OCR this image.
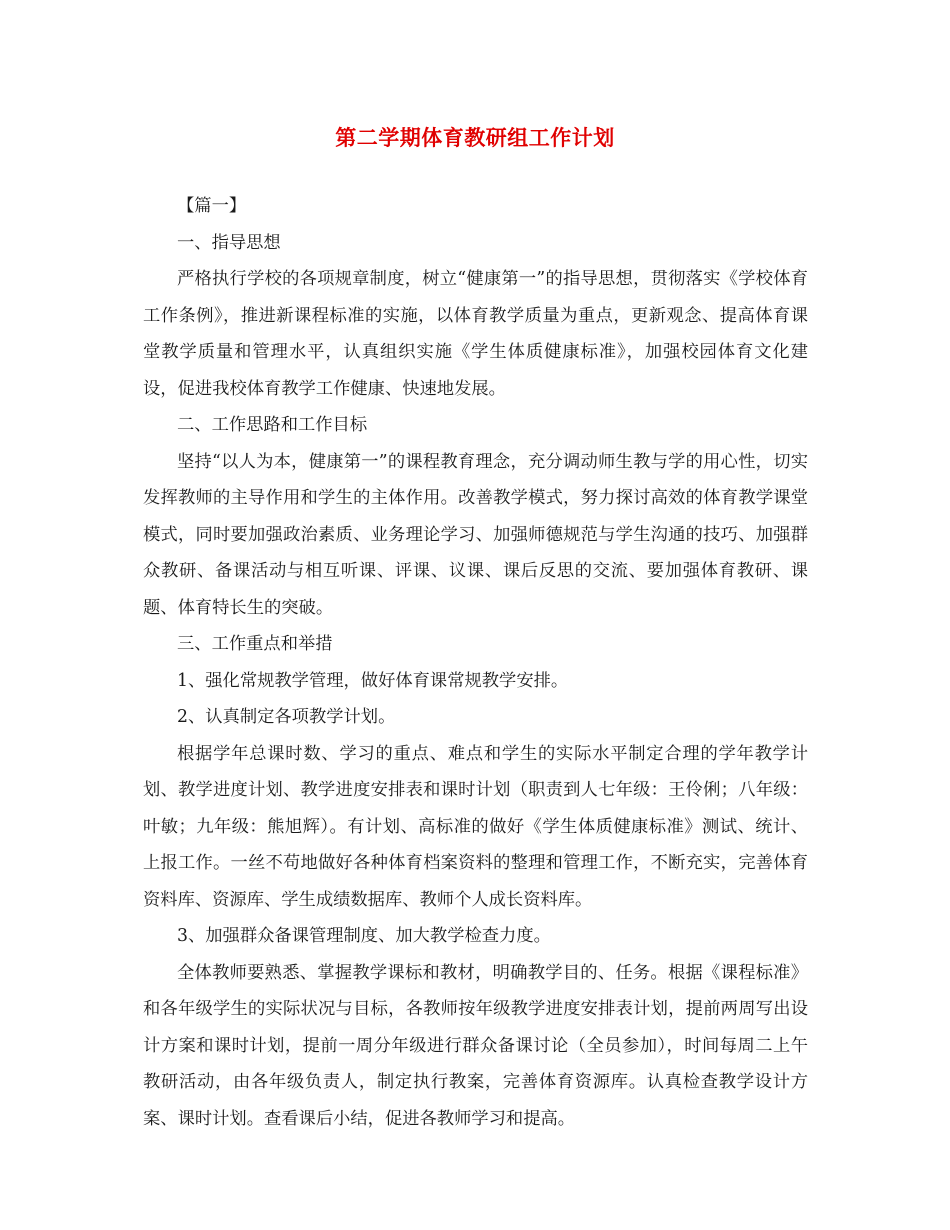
第二学期体育教研组工作计划

【篇一】

一、指导思想

严格执行学校的各项规章制度，树立“健康第一”的指导思想，贯彻落实《学校体育工作条例》，推进新课程标准的实施，以体育教学质量为重点，更新观念、提高体育课堂教学质量和管理水平，认真组织实施《学生体质健康标准》，加强校园体育文化建设，促进我校体育教学工作健康、快速地发展。

二、工作思路和工作目标

坚持“以人为本，健康第一”的课程教育理念，充分调动师生教与学的用心性，切实发挥教师的主导作用和学生的主体作用。改善教学模式，努力探讨高效的体育教学课堂模式，同时要加强政治素质、业务理论学习、加强师德规范与学生沟通的技巧、加强群众教研、备课活动与相互听课、评课、议课、课后反思的交流、要加强体育教研、课题、体育特长生的突破。

三、工作重点和举措

1、强化常规教学管理，做好体育课常规教学安排。

2、认真制定各项教学计划。

根据学年总课时数、学习的重点、难点和学生的实际水平制定合理的学年教学计划、教学进度计划、教学进度安排表和课时计划（职责到人七年级：王伶俐；八年级：叶敏；九年级：熊旭辉）。有计划、高标准的做好《学生体质健康标准》测试、统计、上报工作。一丝不苟地做好各种体育档案资料的整理和管理工作，不断充实，完善体育资料库、资源库、学生成绩数据库、教师个人成长资料库。

3、加强群众备课管理制度、加大教学检查力度。

全体教师要熟悉、掌握教学课标和教材，明确教学目的、任务。根据《课程标准》和各年级学生的实际状况与目标，各教师按年级教学进度安排表计划，提前两周写出设计方案和课时计划，提前一周分年级进行群众备课讨论（全员参加），时间每周二上午教研活动，由各年级负责人，制定执行教案，完善体育资源库。认真检查教学设计方案、课时计划。查看课后小结，促进各教师学习和提高。
